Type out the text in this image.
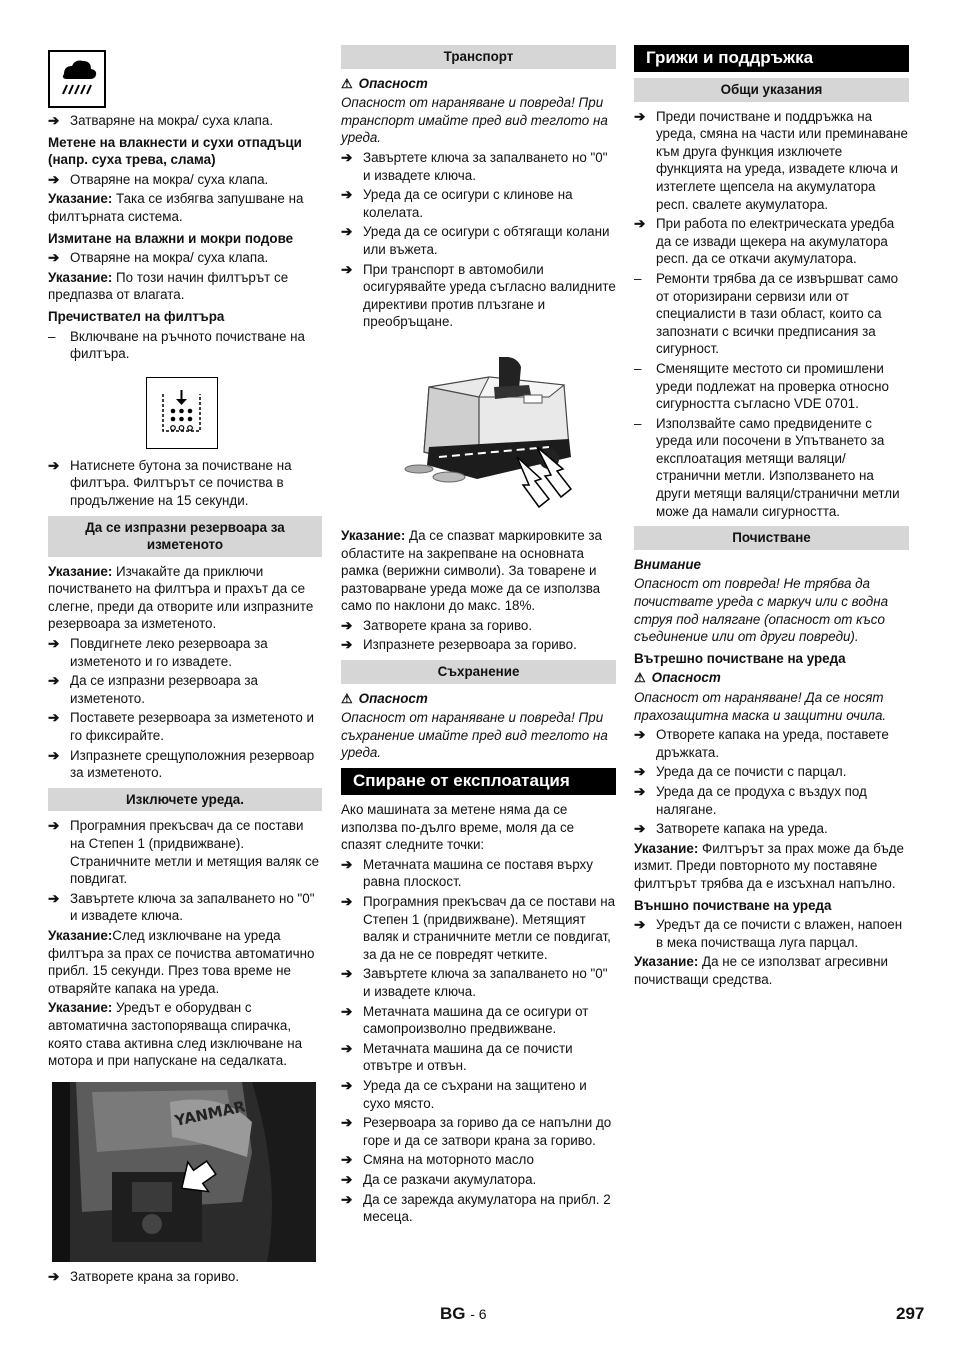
➔ Затваряне на мокра/ суха клапа.
Метене на влакнести и сухи отпадъци (напр. суха трева, слама)
➔ Отваряне на мокра/ суха клапа.
Указание: Така се избягва запушване на филтърната система.
Измитане на влажни и мокри подове
➔ Отваряне на мокра/ суха клапа.
Указание: По този начин филтърът се предпазва от влагата.
Пречиствател на филтъра
–	Включване на ръчното почистване на филтъра.
➔ Натиснете бутона за почистване на филтъра. Филтърът се почиства в продължение на 15 секунди.
Да се изпразни резервоара за изметеното
Указание: Изчакайте да приключи почистването на филтъра и прахът да се слегне, преди да отворите или изпразните резервоара за изметеното.
➔ Повдигнете леко резервоара за изметеното и го извадете.
➔ Да се изпразни резервоара за изметеното.
➔ Поставете резервоара за изметеното и го фиксирайте.
➔ Изпразнете срещуположния резервоар за изметеното.
Изключете уреда.
➔ Програмния прекъсвач да се постави на Степен 1 (придвижване). Страничните метли и метящия валяк се повдигат.
➔ Завъртете ключа за запалването но "0" и извадете ключа.
Указание:След изключване на уреда филтъра за прах се почиства автоматично прибл. 15 секунди. През това време не отваряйте капака на уреда.
Указание: Уредът е оборудван с автоматична застопоряваща спирачка, която става активна след изключване на мотора и при напускане на седалката.
YANMAR
➔ Затворете крана за гориво.
Транспорт
⚠ Опасност
Опасност от нараняване и повреда! При транспорт имайте пред вид теглото на уреда.
➔ Завъртете ключа за запалването но "0" и извадете ключа.
➔ Уреда да се осигури с клинове на колелата.
➔ Уреда да се осигури с обтягащи колани или въжета.
➔ При транспорт в автомобили осигурявайте уреда съгласно валидните директиви против плъзгане и преобръщане.
Указание: Да се спазват маркировките за областите на закрепване на основната рамка (верижни символи). За товарене и разтоварване уреда може да се използва само по наклони до макс. 18%.
➔ Затворете крана за гориво.
➔ Изпразнете резервоара за гориво.
Съхранение
⚠ Опасност
Опасност от нараняване и повреда! При съхранение имайте пред вид теглото на уреда.
Спиране от експлоатация
Ако машината за метене няма да се използва по-дълго време, моля да се спазят следните точки:
➔ Метачната машина се поставя върху равна плоскост.
➔ Програмния прекъсвач да се постави на Степен 1 (придвижване). Метящият валяк и страничните метли се повдигат, за да не се повредят четките.
➔ Завъртете ключа за запалването но "0" и извадете ключа.
➔ Метачната машина да се осигури от самопроизволно предвижване.
➔ Метачната машина да се почисти отвътре и отвън.
➔ Уреда да се съхрани на защитено и сухо място.
➔ Резервоара за гориво да се напълни до горе и да се затвори крана за гориво.
➔ Смяна на моторното масло
➔ Да се разкачи акумулатора.
➔ Да се зарежда акумулатора на прибл. 2 месеца.
Грижи и поддръжка
Общи указания
➔ Преди почистване и поддръжка на уреда, смяна на части или преминаване към друга функция изключете функцията на уреда, извадете ключа и изтеглете щепсела на акумулатора респ. свалете акумулатора.
➔ При работа по електрическата уредба да се извади щекера на акумулатора респ. да се откачи акумулатора.
–	Ремонти трябва да се извършват само от оторизирани сервизи или от специалисти в тази област, които са запознати с всички предписания за сигурност.
–	Сменящите местото си промишлени уреди подлежат на проверка относно сигурността съгласно VDE 0701.
–	Използвайте само предвидените с уреда или посочени в Упътването за експлоатация метящи валяци/ странични метли. Използването на други метящи валяци/странични метли може да намали сигурността.
Почистване
Внимание
Опасност от повреда! Не трябва да почиствате уреда с маркуч или с водна струя под налягане (опасност от късо съединение или от други повреди).
Вътрешно почистване на уреда
⚠ Опасност
Опасност от нараняване! Да се носят прахозащитна маска и защитни очила.
➔ Отворете капака на уреда, поставете дръжката.
➔ Уреда да се почисти с парцал.
➔ Уреда да се продуха с въздух под налягане.
➔ Затворете капака на уреда.
Указание: Филтърът за прах може да бъде измит. Преди повторното му поставяне филтърът трябва да е изсъхнал напълно.
Външно почистване на уреда
➔ Уредът да се почисти с влажен, напоен в мека почистваща луга парцал.
Указание: Да не се използват агресивни почистващи средства.
BG - 6	297
